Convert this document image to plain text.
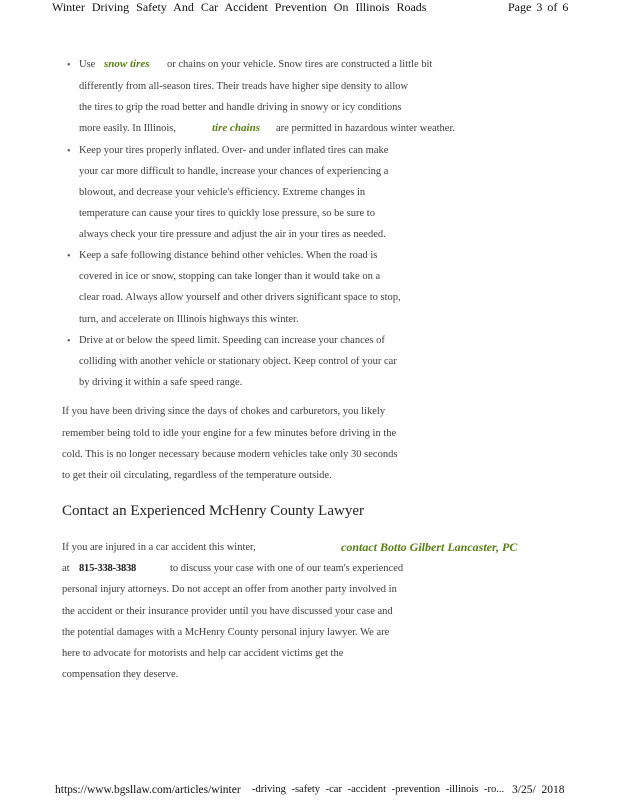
Winter Driving Safety And Car Accident Prevention On Illinois Roads	Page 3 of 6
• Use snow tires or chains on your vehicle. Snow tires are constructed a little bit
differently from all-season tires. Their treads have higher sipe density to allow
the tires to grip the road better and handle driving in snowy or icy conditions
more easily. In Illinois,	tire chains are permitted in hazardous winter weather.
• Keep your tires properly inflated. Over- and under inflated tires can make
your car more difficult to handle, increase your chances of experiencing a
blowout, and decrease your vehicle's efficiency. Extreme changes in
temperature can cause your tires to quickly lose pressure, so be sure to
always check your tire pressure and adjust the air in your tires as needed.
• Keep a safe following distance behind other vehicles. When the road is
covered in ice or snow, stopping can take longer than it would take on a
clear road. Always allow yourself and other drivers significant space to stop,
turn, and accelerate on Illinois highways this winter.
• Drive at or below the speed limit. Speeding can increase your chances of
colliding with another vehicle or stationary object. Keep control of your car
by driving it within a safe speed range.
If you have been driving since the days of chokes and carburetors, you likely
remember being told to idle your engine for a few minutes before driving in the
cold. This is no longer necessary because modern vehicles take only 30 seconds
to get their oil circulating, regardless of the temperature outside.
Contact an Experienced McHenry County Lawyer
If you are injured in a car accident this winter,	contact Botto Gilbert Lancaster, PC
at 815-338-3838	to discuss your case with one of our team's experienced
personal injury attorneys. Do not accept an offer from another party involved in
the accident or their insurance provider until you have discussed your case and
the potential damages with a McHenry County personal injury lawyer. We are
here to advocate for motorists and help car accident victims get the
compensation they deserve.
https://www.bgsllaw.com/articles/winter -driving -safety -car -accident -prevention -illinois -ro... 3/25/ 2018
